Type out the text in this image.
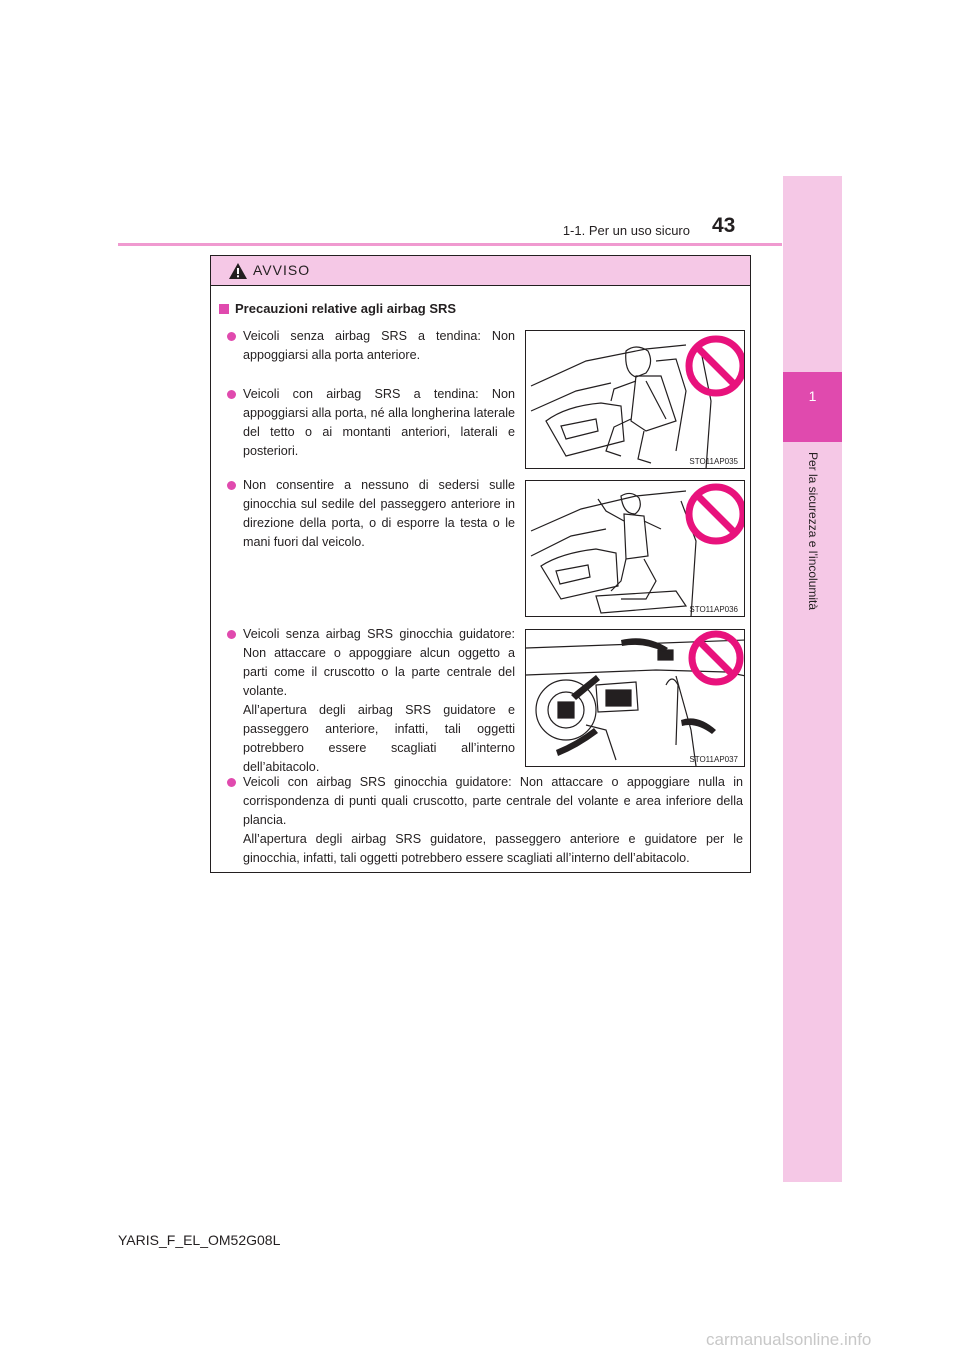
1-1. Per un uso sicuro 43
1
Per la sicurezza e l’incolumità
AVVISO
Precauzioni relative agli airbag SRS
Veicoli senza airbag SRS a tendina: Non appoggiarsi alla porta anteriore.
Veicoli con airbag SRS a tendina: Non appoggiarsi alla porta, né alla longherina laterale del tetto o ai montanti anteriori, laterali e posteriori.
STO11AP035
Non consentire a nessuno di sedersi sulle ginocchia sul sedile del passeggero anteriore in direzione della porta, o di esporre la testa o le mani fuori dal veicolo.
STO11AP036
Veicoli senza airbag SRS ginocchia guidatore: Non attaccare o appoggiare alcun oggetto a parti come il cruscotto o la parte centrale del volante.
All’apertura degli airbag SRS guidatore e passeggero anteriore, infatti, tali oggetti potrebbero essere scagliati all’interno dell’abitacolo.
STO11AP037
Veicoli con airbag SRS ginocchia guidatore: Non attaccare o appoggiare nulla in corrispondenza di punti quali cruscotto, parte centrale del volante e area inferiore della plancia.
All’apertura degli airbag SRS guidatore, passeggero anteriore e guidatore per le ginocchia, infatti, tali oggetti potrebbero essere scagliati all’interno dell’abitacolo.
YARIS_F_EL_OM52G08L
carmanualsonline.info
